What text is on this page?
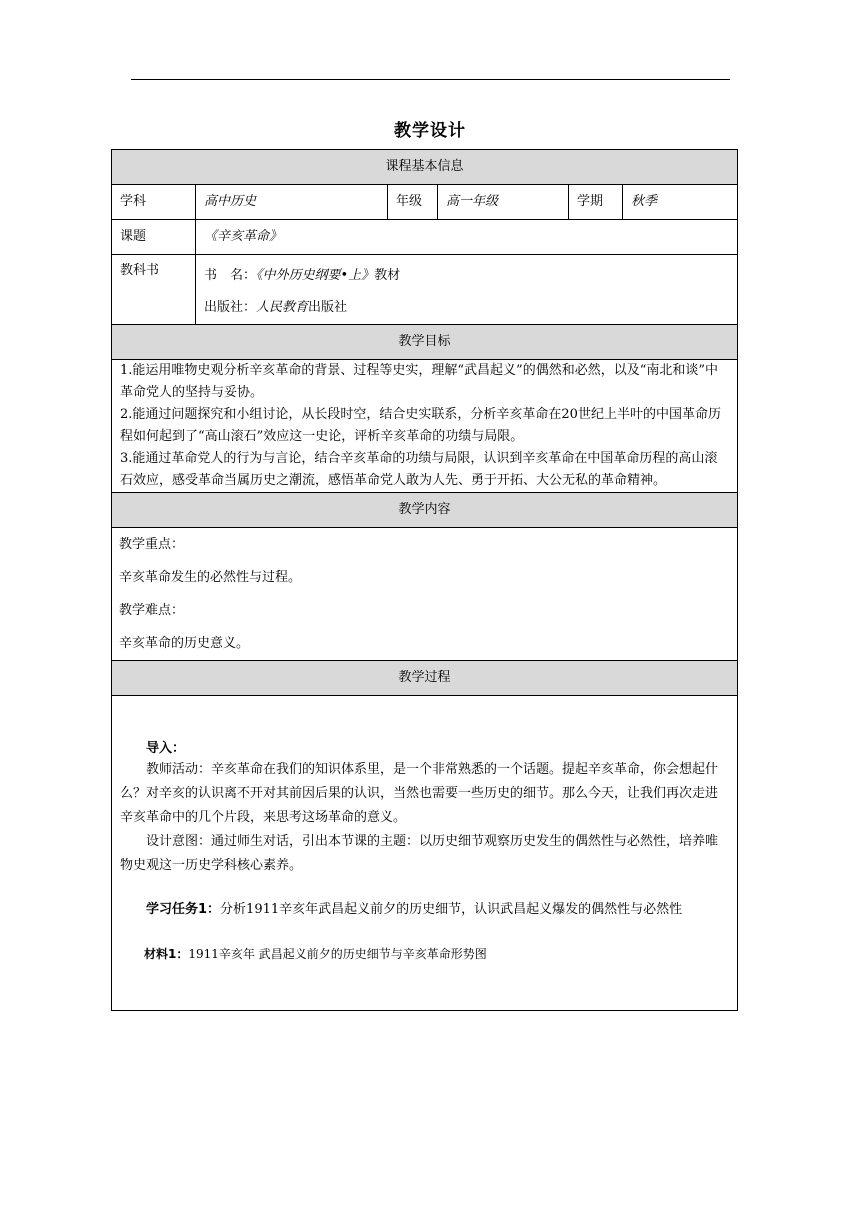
教学设计
课程基本信息					
学科	高中历史	年级	高一年级	学期	秋季
课题	《辛亥革命》				
教科书	书　名：《中外历史纲要•上》教材
出版社：人民教育出版社				

教学目标					

1.能运用唯物史观分析辛亥革命的背景、过程等史实，理解“武昌起义”的偶然和必然，以及“南北和谈”中革命党人的坚持与妥协。

2.能通过问题探究和小组讨论，从长段时空，结合史实联系，分析辛亥革命在20世纪上半叶的中国革命历程如何起到了“高山滚石”效应这一史论，评析辛亥革命的功绩与局限。

3.能通过革命党人的行为与言论，结合辛亥革命的功绩与局限，认识到辛亥革命在中国革命历程的高山滚石效应，感受革命当属历史之潮流，感悟革命党人敢为人先、勇于开拓、大公无私的革命精神。					

教学内容					

教学重点：

辛亥革命发生的必然性与过程。

教学难点：

辛亥革命的历史意义。					

教学过程					

导入：

教师活动：辛亥革命在我们的知识体系里，是一个非常熟悉的一个话题。提起辛亥革命，你会想起什么？对辛亥的认识离不开对其前因后果的认识，当然也需要一些历史的细节。那么今天，让我们再次走进辛亥革命中的几个片段，来思考这场革命的意义。

设计意图：通过师生对话，引出本节课的主题：以历史细节观察历史发生的偶然性与必然性，培养唯物史观这一历史学科核心素养。

学习任务1：分析1911辛亥年武昌起义前夕的历史细节，认识武昌起义爆发的偶然性与必然性

材料1：1911辛亥年 武昌起义前夕的历史细节与辛亥革命形势图					
